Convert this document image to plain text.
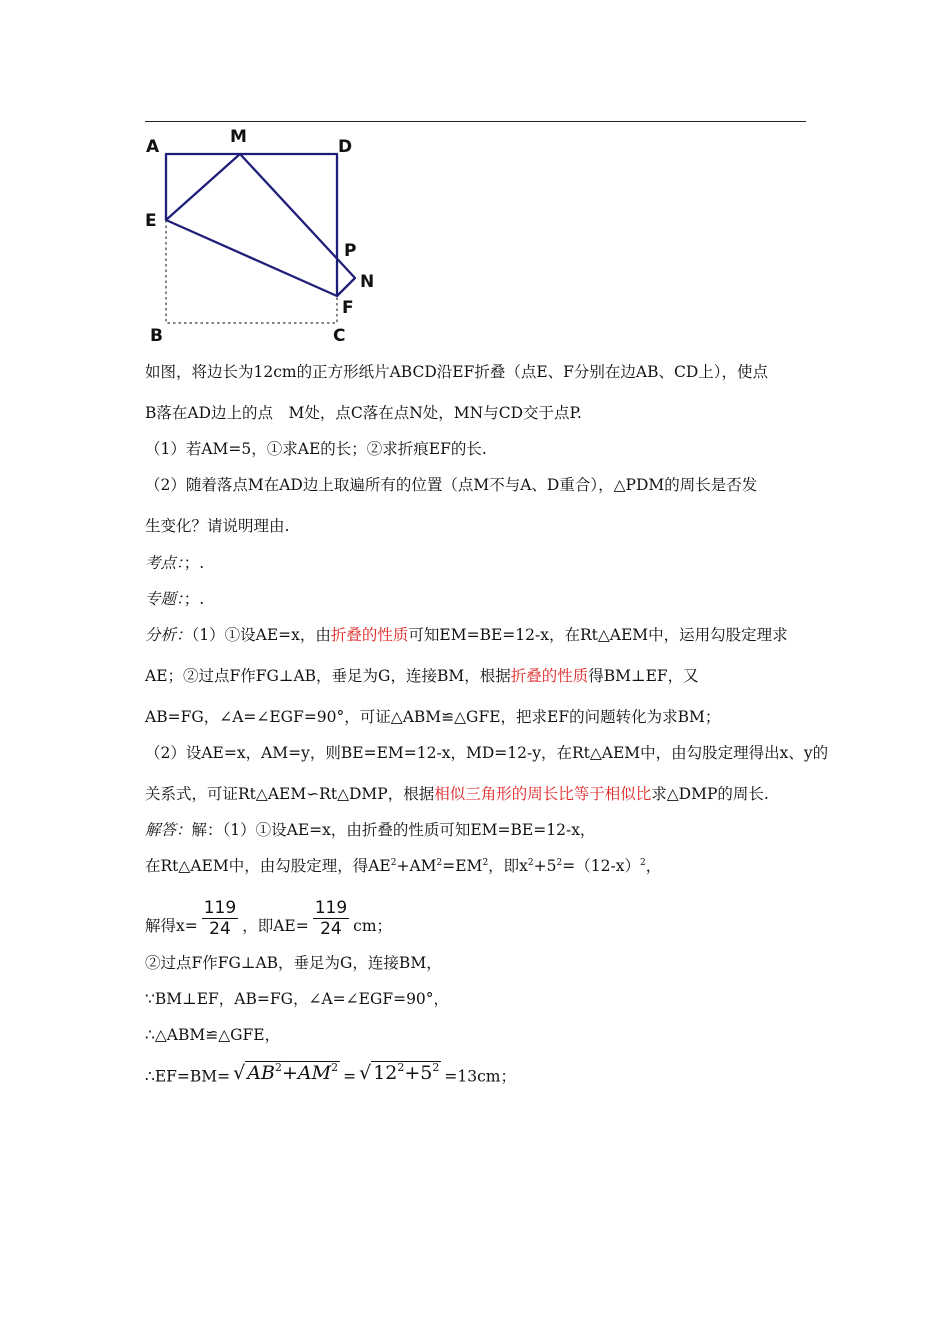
A	M	D
E
P
N
F
B	C
如图，将边长为12cm的正方形纸片ABCD沿EF折叠（点E、F分别在边AB、CD上），使点
B落在AD边上的点　M处，点C落在点N处，MN与CD交于点P.
（1）若AM=5，①求AE的长；②求折痕EF的长.
（2）随着落点M在AD边上取遍所有的位置（点M不与A、D重合），△PDM的周长是否发
生变化？请说明理由.
考点：；.
专题：；.
分析：（1）①设AE=x，由折叠的性质可知EM=BE=12-x，在Rt△AEM中，运用勾股定理求
AE；②过点F作FG⊥AB，垂足为G，连接BM，根据折叠的性质得BM⊥EF，又
AB=FG，∠A=∠EGF=90°，可证△ABM≌△GFE，把求EF的问题转化为求BM；
（2）设AE=x，AM=y，则BE=EM=12-x，MD=12-y，在Rt△AEM中，由勾股定理得出x、y的
关系式，可证Rt△AEM∽Rt△DMP，根据相似三角形的周长比等于相似比求△DMP的周长.
解答：解：（1）①设AE=x，由折叠的性质可知EM=BE=12-x，
在Rt△AEM中，由勾股定理，得$AE^2+AM^2=EM^2$，即$x^2+5^2=(12-x)^2$，
解得$x= \frac{119}{24}$ ，即$AE= \frac{119}{24}$ cm；
②过点F作FG⊥AB，垂足为G，连接BM，
∵BM⊥EF，AB=FG，∠A=∠EGF=90°，
∴△ABM≌△GFE，
∴EF=BM= √ $AB^2+AM^2$ = √ $12^2+5^2 =13cm$；
